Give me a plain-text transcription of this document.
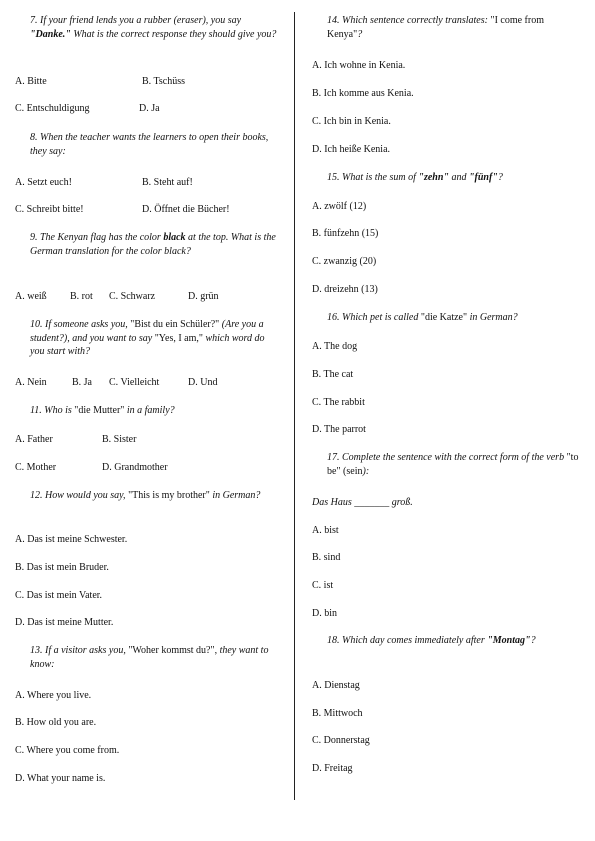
7. If your friend lends you a rubber (eraser), you say "Danke." What is the correct response they should give you?
A. Bitte	B. Tschüss
C. Entschuldigung	D. Ja
8. When the teacher wants the learners to open their books, they say:
A. Setzt euch!	B. Steht auf!
C. Schreibt bitte!	D. Öffnet die Bücher!
9. The Kenyan flag has the color black at the top. What is the German translation for the color black?
A. weiß B. rot C. Schwarz	D. grün
10. If someone asks you, "Bist du ein Schüler?" (Are you a student?), and you want to say "Yes, I am," which word do you start with?
A. Nein	B. Ja C. Vielleicht	D. Und
11. Who is "die Mutter" in a family?
A. Father	B. Sister
C. Mother	D. Grandmother
12. How would you say, "This is my brother" in German?
A. Das ist meine Schwester.
B. Das ist mein Bruder.
C. Das ist mein Vater.
D. Das ist meine Mutter.
13. If a visitor asks you, "Woher kommst du?", they want to know:
A. Where you live.
B. How old you are.
C. Where you come from.
D. What your name is.
14. Which sentence correctly translates: "I come from Kenya"?
A. Ich wohne in Kenia.
B. Ich komme aus Kenia.
C. Ich bin in Kenia.
D. Ich heiße Kenia.
15. What is the sum of "zehn" and "fünf"?
A. zwölf (12)
B. fünfzehn (15)
C. zwanzig (20)
D. dreizehn (13)
16. Which pet is called "die Katze" in German?
A. The dog
B. The cat
C. The rabbit
D. The parrot
17. Complete the sentence with the correct form of the verb "to be" (sein):
Das Haus _______ groß.
A. bist
B. sind
C. ist
D. bin
18. Which day comes immediately after "Montag"?
A. Dienstag
B. Mittwoch
C. Donnerstag
D. Freitag
